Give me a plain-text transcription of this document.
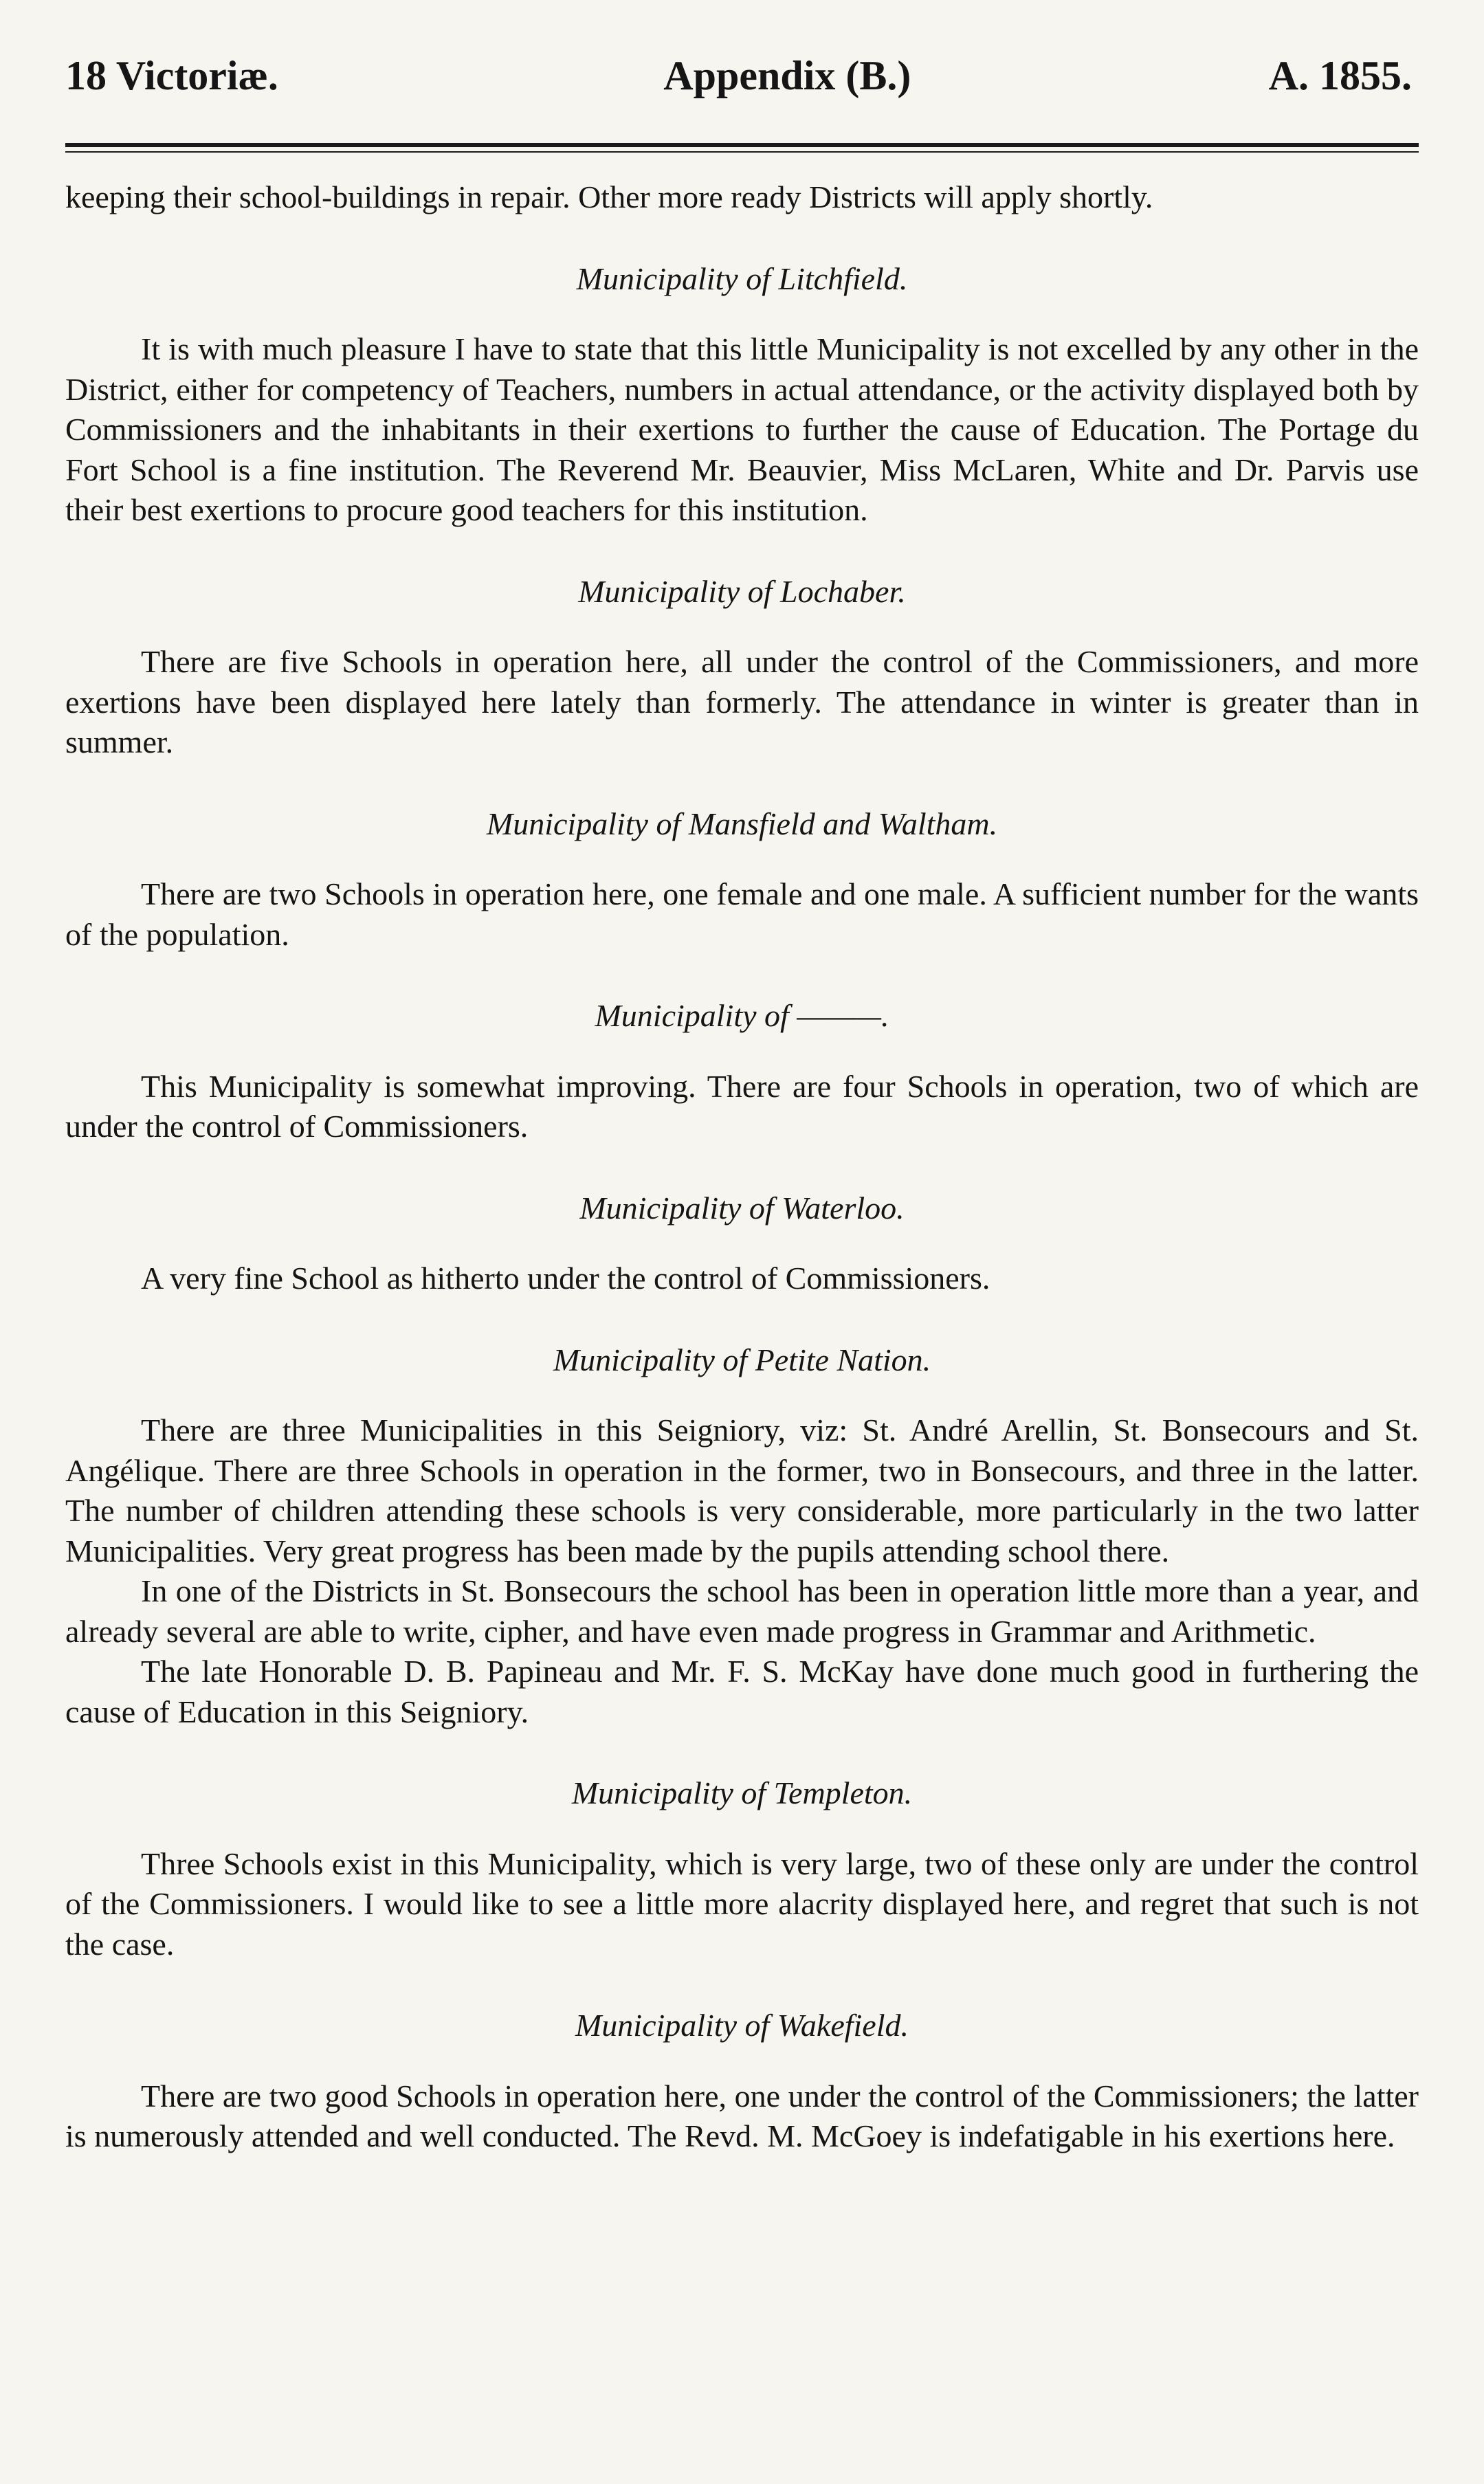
18 Victoriæ.	Appendix (B.)	A. 1855.

keeping their school-buildings in repair. Other more ready Districts will apply shortly.

Municipality of Litchfield.

It is with much pleasure I have to state that this little Municipality is not excelled by any other in the District, either for competency of Teachers, numbers in actual attendance, or the activity displayed both by Commissioners and the inhabitants in their exertions to further the cause of Education. The Portage du Fort School is a fine institution. The Reverend Mr. Beauvier, Miss McLaren, White and Dr. Parvis use their best exertions to procure good teachers for this institution.

Municipality of Lochaber.

There are five Schools in operation here, all under the control of the Commissioners, and more exertions have been displayed here lately than formerly. The attendance in winter is greater than in summer.

Municipality of Mansfield and Waltham.

There are two Schools in operation here, one female and one male. A sufficient number for the wants of the population.

Municipality of ———.

This Municipality is somewhat improving. There are four Schools in operation, two of which are under the control of Commissioners.

Municipality of Waterloo.

A very fine School as hitherto under the control of Commissioners.

Municipality of Petite Nation.

There are three Municipalities in this Seigniory, viz: St. André Arellin, St. Bonsecours and St. Angélique. There are three Schools in operation in the former, two in Bonsecours, and three in the latter. The number of children attending these schools is very considerable, more particularly in the two latter Municipalities. Very great progress has been made by the pupils attending school there.

In one of the Districts in St. Bonsecours the school has been in operation little more than a year, and already several are able to write, cipher, and have even made progress in Grammar and Arithmetic.

The late Honorable D. B. Papineau and Mr. F. S. McKay have done much good in furthering the cause of Education in this Seigniory.

Municipality of Templeton.

Three Schools exist in this Municipality, which is very large, two of these only are under the control of the Commissioners. I would like to see a little more alacrity displayed here, and regret that such is not the case.

Municipality of Wakefield.

There are two good Schools in operation here, one under the control of the Commissioners; the latter is numerously attended and well conducted. The Revd. M. McGoey is indefatigable in his exertions here.
